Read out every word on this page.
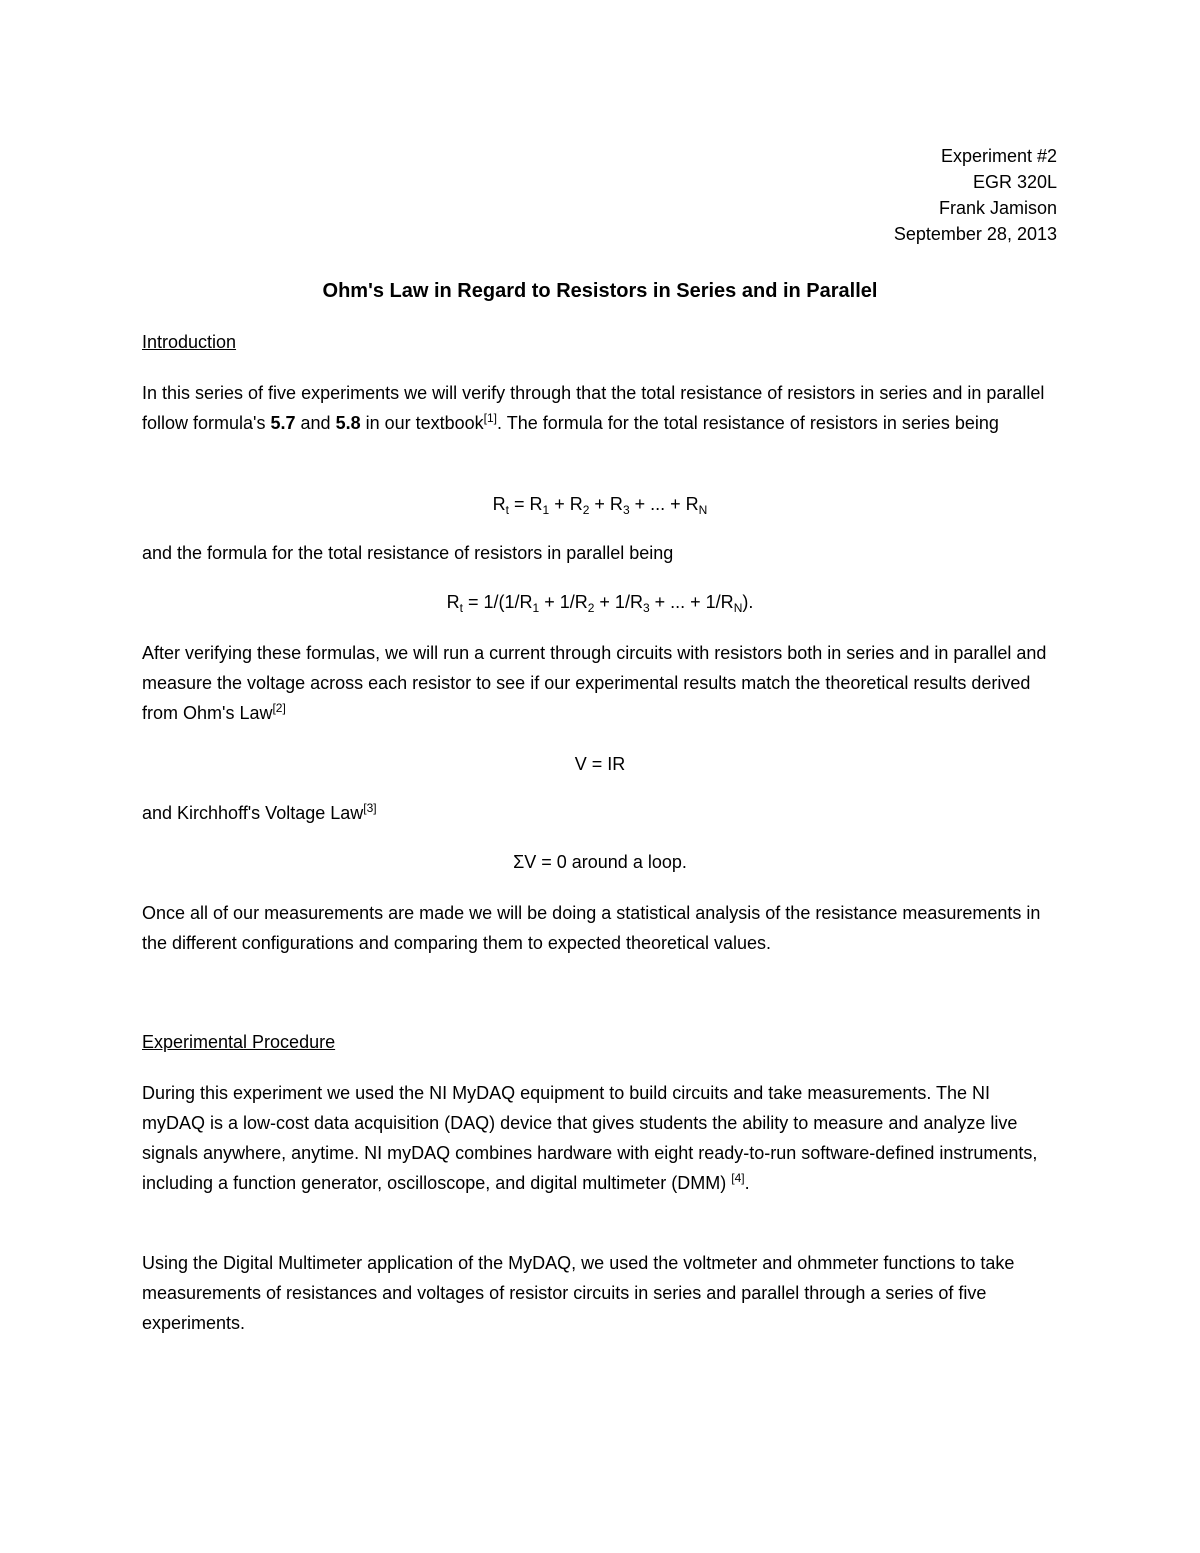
Experiment #2
EGR 320L
Frank Jamison
September 28, 2013
Ohm's Law in Regard to Resistors in Series and in Parallel
Introduction

In this series of five experiments we will verify through that the total resistance of resistors in series and in parallel follow formula's 5.7 and 5.8 in our textbook[1]. The formula for the total resistance of resistors in series being

$R_t = R_1 + R_2 + R_3$ + ... + $R_N$

and the formula for the total resistance of resistors in parallel being

$R_t = 1/(1/R_1 + 1/R_2 + 1/R_3$ + ... + $1/R_N$).

After verifying these formulas, we will run a current through circuits with resistors both in series and in parallel and measure the voltage across each resistor to see if our experimental results match the theoretical results derived from Ohm's Law[2]

V = IR

and Kirchhoff's Voltage Law[3]

ΣV = 0 around a loop.

Once all of our measurements are made we will be doing a statistical analysis of the resistance measurements in the different configurations and comparing them to expected theoretical values.

Experimental Procedure

During this experiment we used the NI MyDAQ equipment to build circuits and take measurements. The NI myDAQ is a low-cost data acquisition (DAQ) device that gives students the ability to measure and analyze live signals anywhere, anytime. NI myDAQ combines hardware with eight ready-to-run software-defined instruments, including a function generator, oscilloscope, and digital multimeter (DMM) [4].

Using the Digital Multimeter application of the MyDAQ, we used the voltmeter and ohmmeter functions to take measurements of resistances and voltages of resistor circuits in series and parallel through a series of five experiments.
